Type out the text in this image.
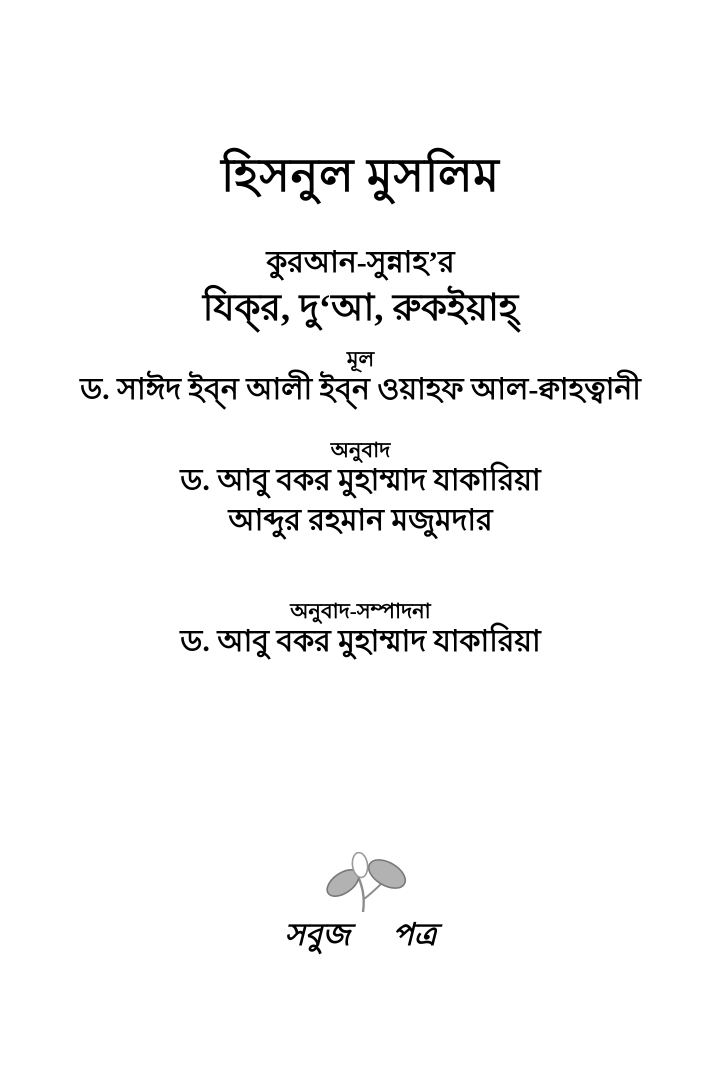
হিসনুল মুসলিম
কুরআন-সুন্নাহ’র
যিক্‌র, দু‘আ, রুকইয়াহ্
মূল
ড. সাঈদ ইব্‌ন আলী ইব্‌ন ওয়াহফ আল-ক্বাহত্বানী
অনুবাদ
ড. আবু বকর মুহাম্মাদ যাকারিয়া
আব্দুর রহমান মজুমদার
অনুবাদ-সম্পাদনা
ড. আবু বকর মুহাম্মাদ যাকারিয়া
সবুজ পত্র
